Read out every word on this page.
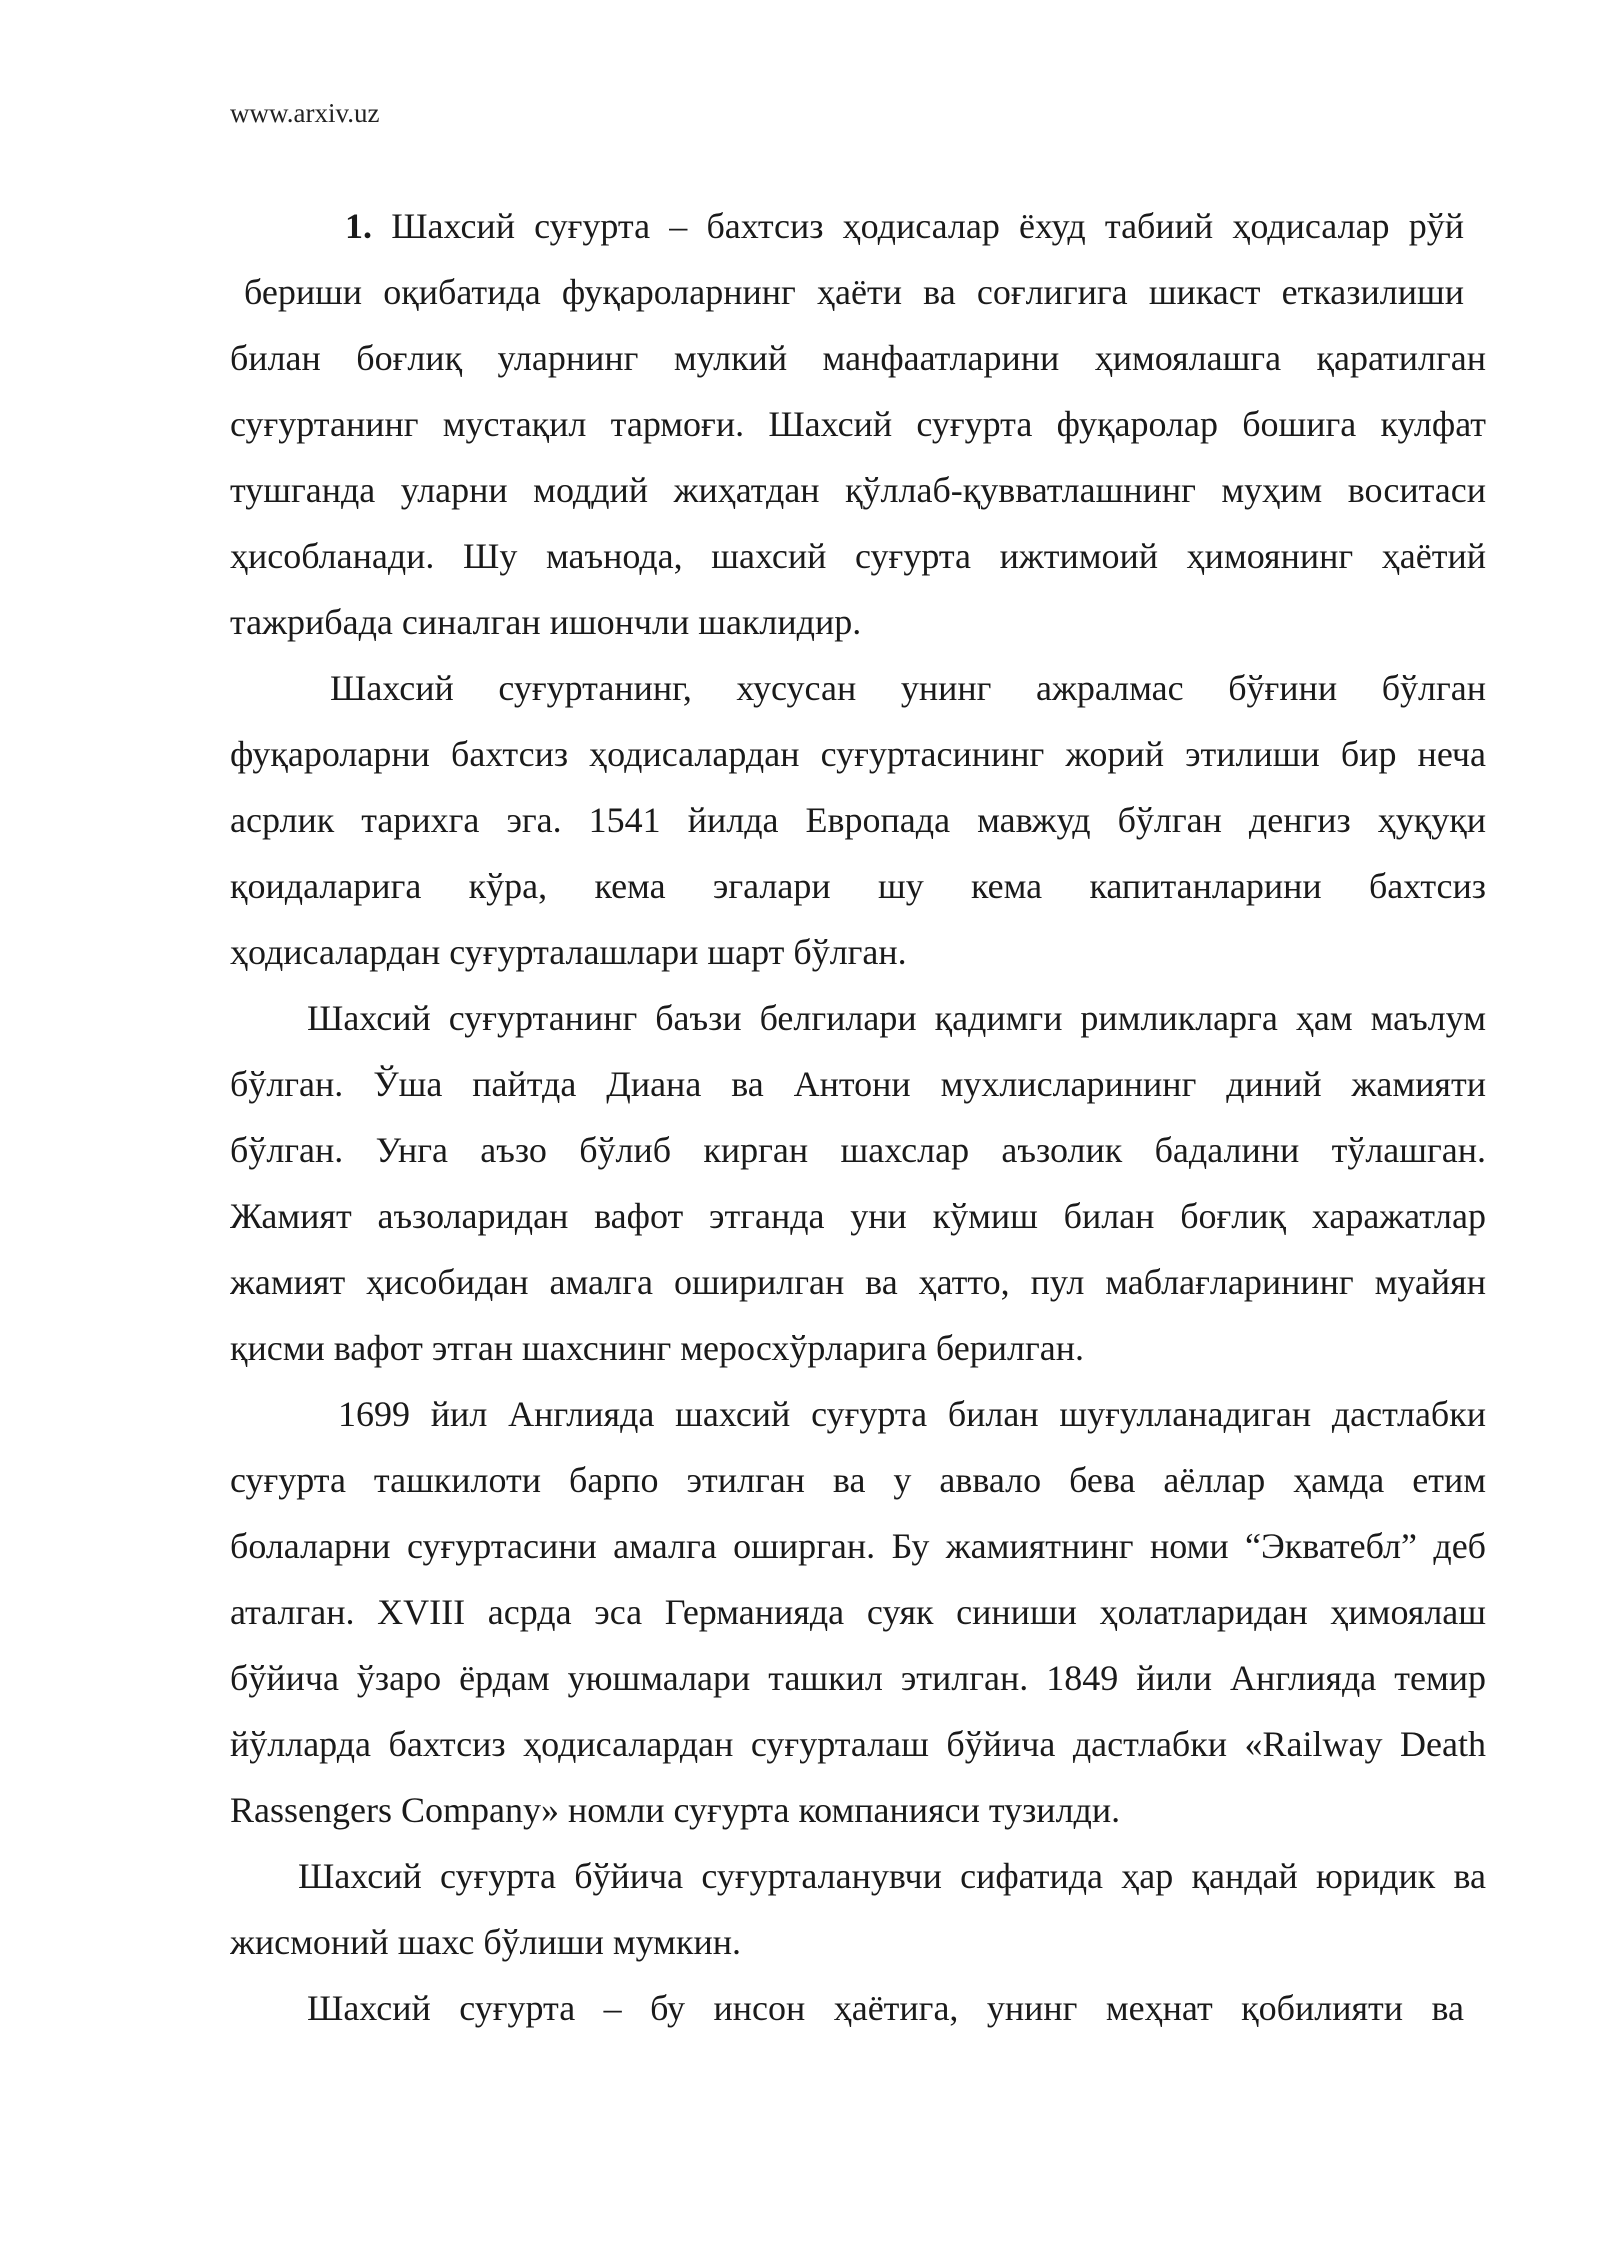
www.arxiv.uz
1. Шахсий суғурта – бахтсиз ҳодисалар ёхуд табиий ҳодисалар рўй
бериши оқибатида фуқароларнинг ҳаёти ва соғлигига шикаст етказилиши
билан боғлиқ уларнинг мулкий манфаатларини ҳимоялашга қаратилган
суғуртанинг мустақил тармоғи. Шахсий суғурта фуқаролар бошига кулфат
тушганда уларни моддий жиҳатдан қўллаб-қувватлашнинг муҳим воситаси
ҳисобланади. Шу маънода, шахсий суғурта ижтимоий ҳимоянинг ҳаётий
тажрибада синалган ишончли шаклидир.
Шахсий суғуртанинг, хусусан унинг ажралмас бўғини бўлган
фуқароларни бахтсиз ҳодисалардан суғуртасининг жорий этилиши бир неча
асрлик тарихга эга. 1541 йилда Европада мавжуд бўлган денгиз ҳуқуқи
қоидаларига кўра, кема эгалари шу кема капитанларини бахтсиз
ҳодисалардан суғурталашлари шарт бўлган.
Шахсий суғуртанинг баъзи белгилари қадимги римликларга ҳам маълум
бўлган. Ўша пайтда Диана ва Антони мухлисларининг диний жамияти
бўлган. Унга аъзо бўлиб кирган шахслар аъзолик бадалини тўлашган.
Жамият аъзоларидан вафот этганда уни кўмиш билан боғлиқ харажатлар
жамият ҳисобидан амалга оширилган ва ҳатто, пул маблағларининг муайян
қисми вафот этган шахснинг меросхўрларига берилган.
1699 йил Англияда шахсий суғурта билан шуғулланадиган дастлабки
суғурта ташкилоти барпо этилган ва у аввало бева аёллар ҳамда етим
болаларни суғуртасини амалга оширган. Бу жамиятнинг номи “Экватебл” деб
аталган. XVIII асрда эса Германияда суяк синиши ҳолатларидан ҳимоялаш
бўйича ўзаро ёрдам уюшмалари ташкил этилган. 1849 йили Англияда темир
йўлларда бахтсиз ҳодисалардан суғурталаш бўйича дастлабки «Railway Death
Rassengers Company» номли суғурта компанияси тузилди.
Шахсий суғурта бўйича суғурталанувчи сифатида ҳар қандай юридик ва
жисмоний шахс бўлиши мумкин.
Шахсий суғурта – бу инсон ҳаётига, унинг меҳнат қобилияти ва
